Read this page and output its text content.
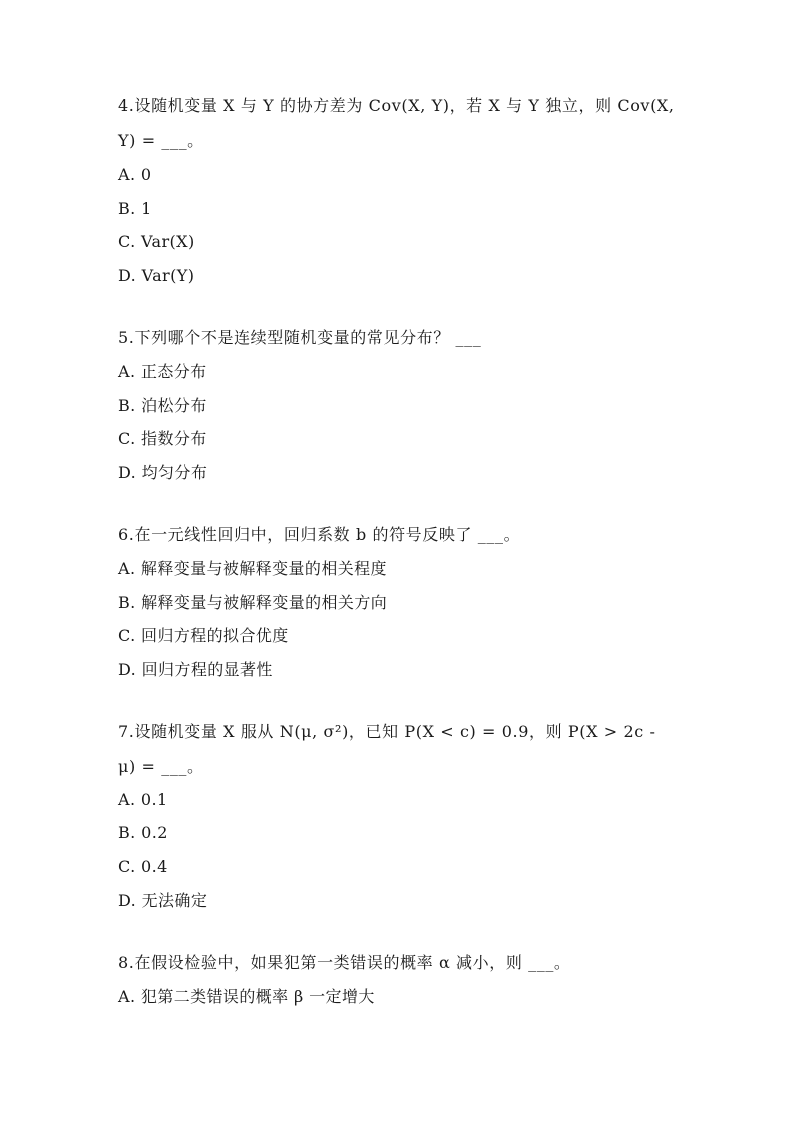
4.设随机变量 X 与 Y 的协方差为 Cov(X, Y)，若 X 与 Y 独立，则 Cov(X,
Y) = ___。
A. 0
B. 1
C. Var(X)
D. Var(Y)
5.下列哪个不是连续型随机变量的常见分布？ ___
A. 正态分布
B. 泊松分布
C. 指数分布
D. 均匀分布
6.在一元线性回归中，回归系数 b 的符号反映了 ___。
A. 解释变量与被解释变量的相关程度
B. 解释变量与被解释变量的相关方向
C. 回归方程的拟合优度
D. 回归方程的显著性
7.设随机变量 X 服从 N(μ, σ²)，已知 P(X < c) = 0.9，则 P(X > 2c -
μ) = ___。
A. 0.1
B. 0.2
C. 0.4
D. 无法确定
8.在假设检验中，如果犯第一类错误的概率 α 减小，则 ___。
A. 犯第二类错误的概率 β 一定增大
